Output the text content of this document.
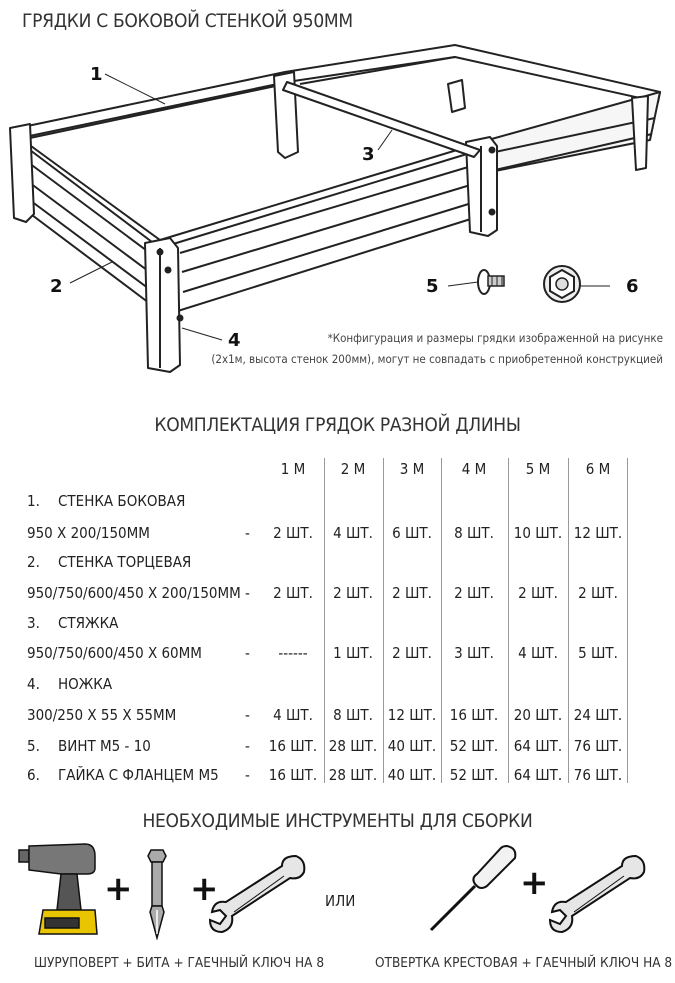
ГРЯДКИ С БОКОВОЙ СТЕНКОЙ 950ММ
1
2
3
4
5	6
*Конфигурация и размеры грядки изображенной на рисунке
(2х1м, высота стенок 200мм), могут не совпадать с приобретенной конструкцией
КОМПЛЕКТАЦИЯ ГРЯДОК РАЗНОЙ ДЛИНЫ
1 М	2 М	3 М	4 М	5 М	6 М
1. СТЕНКА БОКОВАЯ
950 Х 200/150ММ	-	2 ШТ.	4 ШТ.	6 ШТ.	8 ШТ.	10 ШТ. 12 ШТ.
2. СТЕНКА ТОРЦЕВАЯ
950/750/600/450 Х 200/150ММ -	2 ШТ.	2 ШТ.	2 ШТ.	2 ШТ.	2 ШТ.	2 ШТ.
3. СТЯЖКА
950/750/600/450 Х 60ММ	-	------	1 ШТ.	2 ШТ.	3 ШТ.	4 ШТ.	5 ШТ.
4. НОЖКА
300/250 Х 55 Х 55ММ	-	4 ШТ.	8 ШТ. 12 ШТ. 16 ШТ.	20 ШТ. 24 ШТ.
5. ВИНТ М5 - 10	-	16 ШТ. 28 ШТ. 40 ШТ. 52 ШТ.	64 ШТ. 76 ШТ.
6. ГАЙКА С ФЛАНЦЕМ М5 -	16 ШТ. 28 ШТ. 40 ШТ. 52 ШТ.	64 ШТ. 76 ШТ.
НЕОБХОДИМЫЕ ИНСТРУМЕНТЫ ДЛЯ СБОРКИ
+ +	ИЛИ	+
ШУРУПОВЕРТ + БИТА + ГАЕЧНЫЙ КЛЮЧ НА 8	ОТВЕРТКА КРЕСТОВАЯ + ГАЕЧНЫЙ КЛЮЧ НА 8
